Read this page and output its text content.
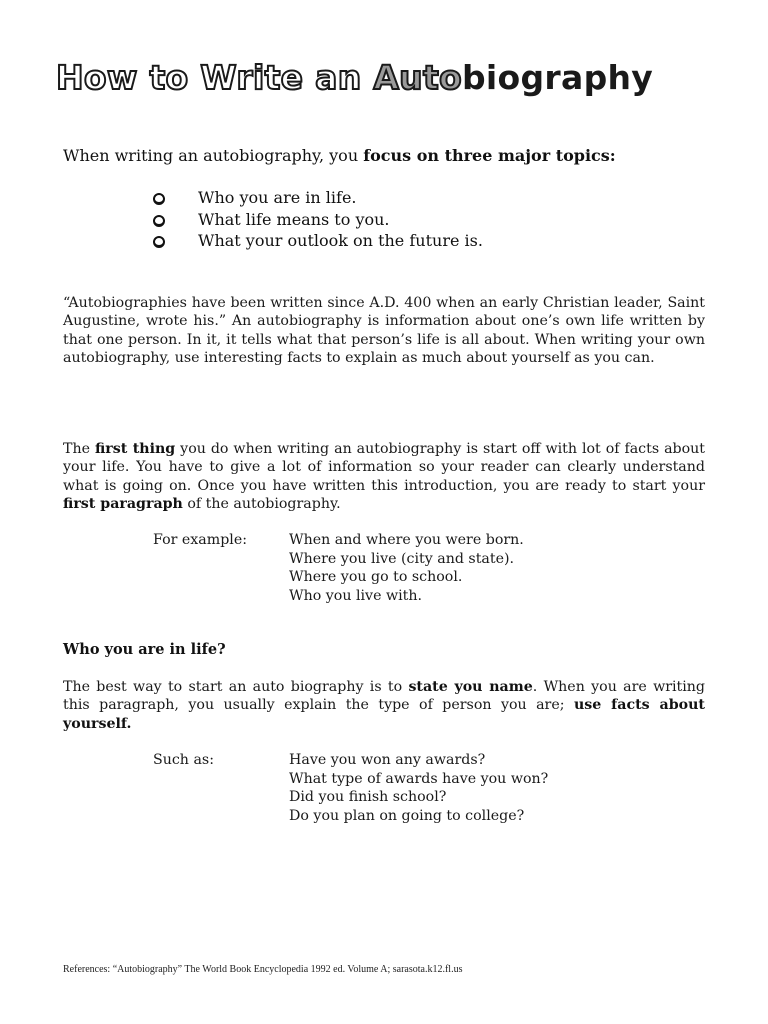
How to Write an Autobiography

When writing an autobiography, you focus on three major topics:

Who you are in life.
What life means to you.
What your outlook on the future is.

“Autobiographies have been written since A.D. 400 when an early Christian leader, Saint Augustine, wrote his.” An autobiography is information about one’s own life written by that one person. In it, it tells what that person’s life is all about. When writing your own autobiography, use interesting facts to explain as much about yourself as you can.

The first thing you do when writing an autobiography is start off with lot of facts about your life. You have to give a lot of information so your reader can clearly understand what is going on. Once you have written this introduction, you are ready to start your first paragraph of the autobiography.

For example:	When and where you were born.
Where you live (city and state).
Where you go to school.
Who you live with.

Who you are in life?

The best way to start an auto biography is to state you name. When you are writing this paragraph, you usually explain the type of person you are; use facts about yourself.

Such as:	Have you won any awards?
What type of awards have you won?
Did you finish school?
Do you plan on going to college?
References: “Autobiography” The World Book Encyclopedia 1992 ed. Volume A; sarasota.k12.fl.us
